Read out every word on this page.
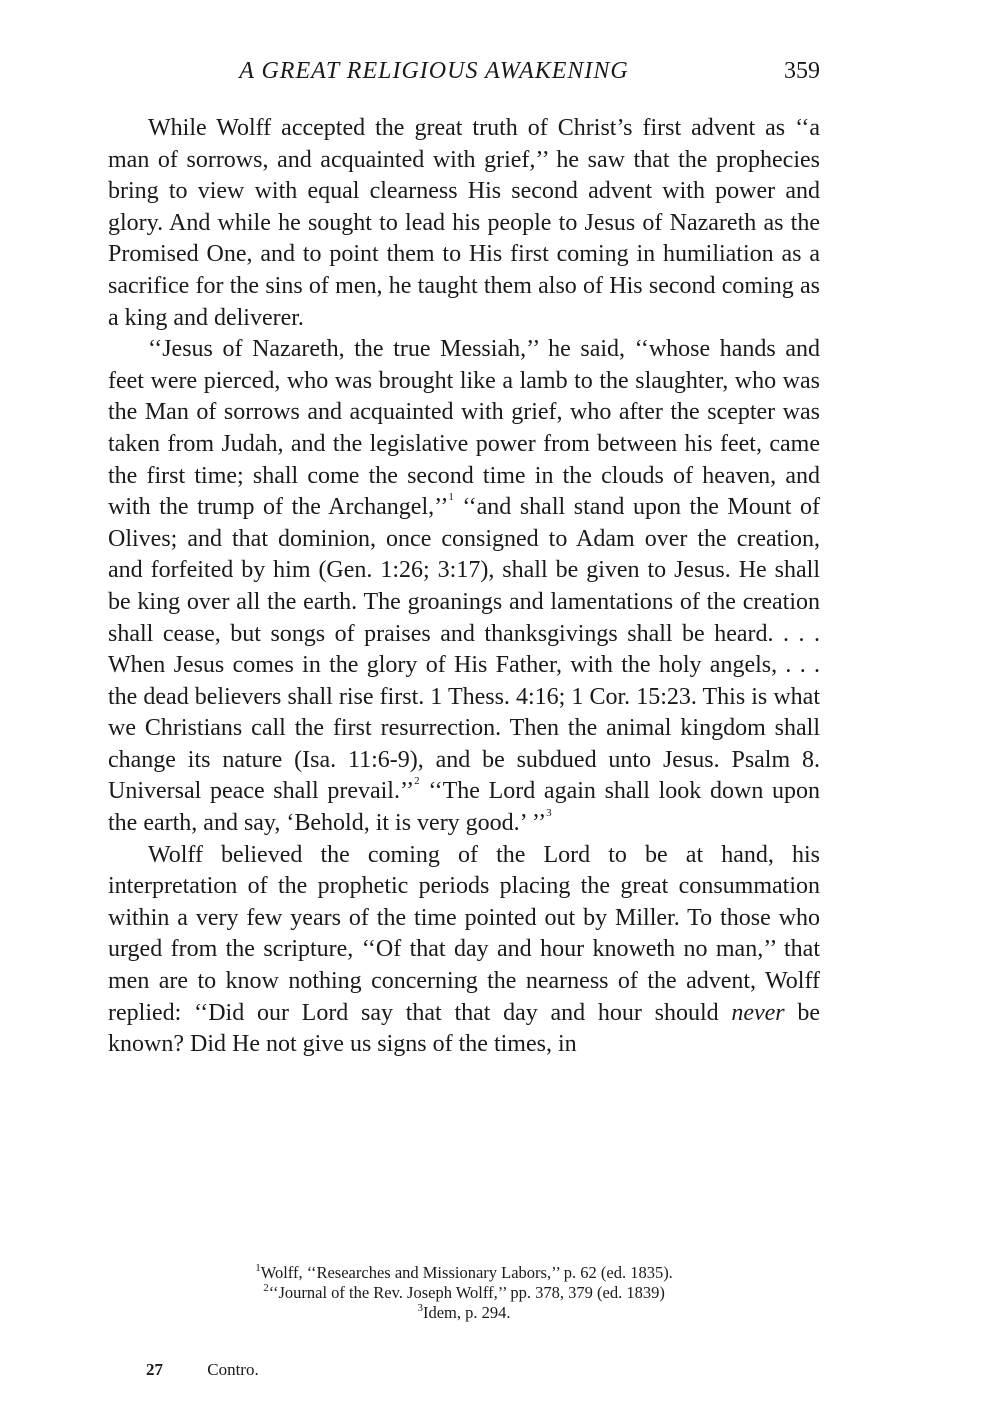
A GREAT RELIGIOUS AWAKENING	359

While Wolff accepted the great truth of Christ’s first advent as ‘‘a man of sorrows, and acquainted with grief,’’ he saw that the prophecies bring to view with equal clearness His second advent with power and glory. And while he sought to lead his people to Jesus of Nazareth as the Promised One, and to point them to His first coming in humiliation as a sacrifice for the sins of men, he taught them also of His second coming as a king and deliverer.

‘‘Jesus of Nazareth, the true Messiah,’’ he said, ‘‘whose hands and feet were pierced, who was brought like a lamb to the slaughter, who was the Man of sorrows and acquainted with grief, who after the scepter was taken from Judah, and the legislative power from between his feet, came the first time; shall come the second time in the clouds of heaven, and with the trump of the Archangel,’’$^1$ ‘‘and shall stand upon the Mount of Olives; and that dominion, once consigned to Adam over the creation, and forfeited by him (Gen. 1:26; 3:17), shall be given to Jesus. He shall be king over all the earth. The groanings and lamentations of the creation shall cease, but songs of praises and thanksgivings shall be heard. . . . When Jesus comes in the glory of His Father, with the holy angels, . . . the dead believers shall rise first. 1 Thess. 4:16; 1 Cor. 15:23. This is what we Christians call the first resurrection. Then the animal kingdom shall change its nature (Isa. 11:6-9), and be subdued unto Jesus. Psalm 8. Universal peace shall prevail.’’$^2$ ‘‘The Lord again shall look down upon the earth, and say, ‘Behold, it is very good.’ ’’$^3$

Wolff believed the coming of the Lord to be at hand, his interpretation of the prophetic periods placing the great consummation within a very few years of the time pointed out by Miller. To those who urged from the scripture, ‘‘Of that day and hour knoweth no man,’’ that men are to know nothing concerning the nearness of the advent, Wolff replied: ‘‘Did our Lord say that that day and hour should never be known? Did He not give us signs of the times, in

$^1$Wolff, ‘‘Researches and Missionary Labors,’’ p. 62 (ed. 1835).
$^2$‘‘Journal of the Rev. Joseph Wolff,’’ pp. 378, 379 (ed. 1839)
$^3$Idem, p. 294.
27	Contro.
